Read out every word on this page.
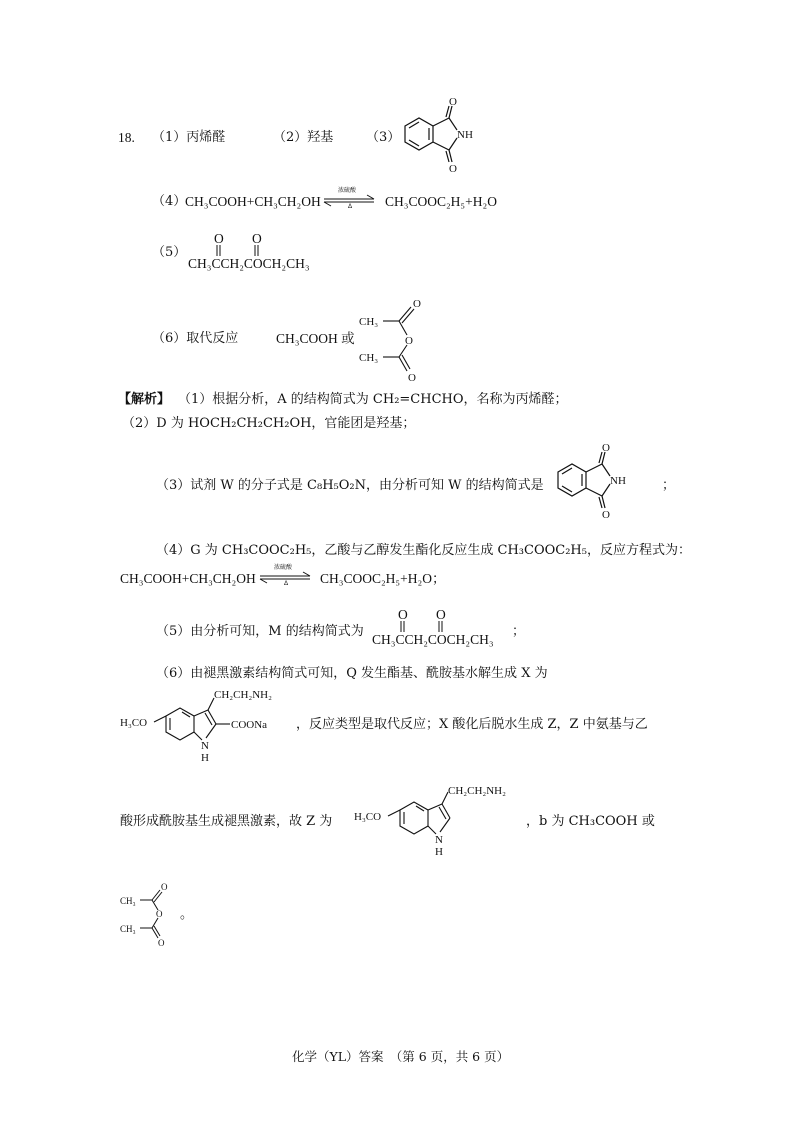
18. （1）丙烯醛	（2）羟基	（3）
O
NH
O
（4）
CH₃COOH+CH₃CH₂OH
浓硫酸
Δ CH₃COOC₂H₅+H₂O
（5）
O O
CH₃CCH₂COCH₂CH₃
（6）取代反应	CH₃COOH 或
CH₃
O
O
CH₃
O
【解析】 （1）根据分析，A 的结构简式为 CH₂=CHCHO，名称为丙烯醛；
（2）D 为 HOCH₂CH₂CH₂OH，官能团是羟基；
（3）试剂 W 的分子式是 C₈H₅O₂N，由分析可知 W 的结构简式是
O
NH
O
；
（4）G 为 CH₃COOC₂H₅，乙酸与乙醇发生酯化反应生成 CH₃COOC₂H₅，反应方程式为：
CH₃COOH+CH₃CH₂OH
浓硫酸
Δ CH₃COOC₂H₅+H₂O；
（5）由分析可知，M 的结构简式为
O O
CH₃CCH₂COCH₂CH₃
；
（6）由褪黑激素结构简式可知，Q 发生酯基、酰胺基水解生成 X 为
H₃CO
CH₂CH₂NH₂
COONa
N
H
，反应类型是取代反应；X 酸化后脱水生成 Z，Z 中氨基与乙
酸形成酰胺基生成褪黑激素，故 Z 为 H₃CO
CH₂CH₂NH₂
N
H
，b 为 CH₃COOH 或
CH₃
O
O
CH₃
O
。
化学（YL）答案　（第 6 页，共 6 页）
